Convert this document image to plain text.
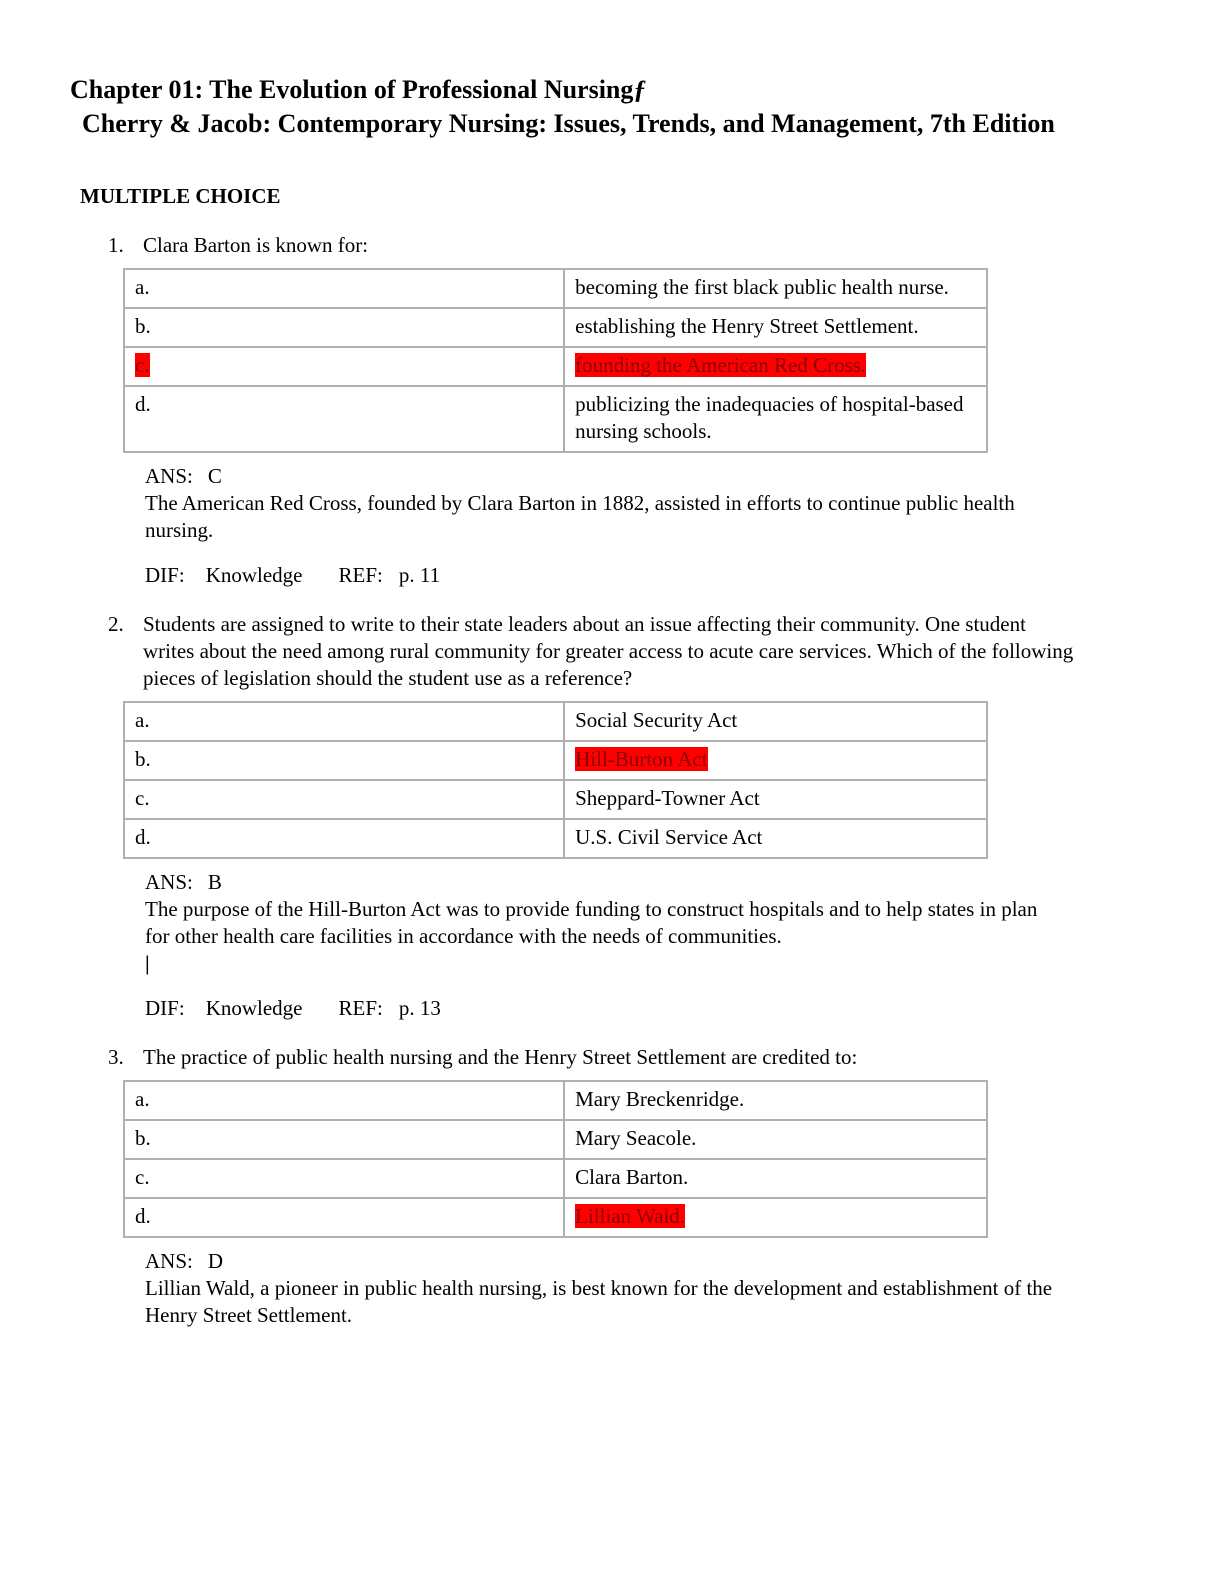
Chapter 01: The Evolution of Professional Nursingƒ
Cherry & Jacob: Contemporary Nursing: Issues, Trends, and Management, 7th Edition
MULTIPLE CHOICE
1. Clara Barton is known for:
a.	becoming the first black public health nurse.
b.	establishing the Henry Street Settlement.
c.	founding the American Red Cross.
d.	publicizing the inadequacies of hospital-based nursing schools.
ANS: C
The American Red Cross, founded by Clara Barton in 1882, assisted in efforts to continue public health nursing.
DIF: Knowledge REF: p. 11
2. Students are assigned to write to their state leaders about an issue affecting their community. One student writes about the need among rural community for greater access to acute care services. Which of the following pieces of legislation should the student use as a reference?
a.	Social Security Act
b.	Hill-Burton Act
c.	Sheppard-Towner Act
d.	U.S. Civil Service Act
ANS: B
The purpose of the Hill-Burton Act was to provide funding to construct hospitals and to help states in plan for other health care facilities in accordance with the needs of communities.
|
DIF: Knowledge REF: p. 13
3. The practice of public health nursing and the Henry Street Settlement are credited to:
a.	Mary Breckenridge.
b.	Mary Seacole.
c.	Clara Barton.
d.	Lillian Wald.
ANS: D
Lillian Wald, a pioneer in public health nursing, is best known for the development and establishment of the Henry Street Settlement.
